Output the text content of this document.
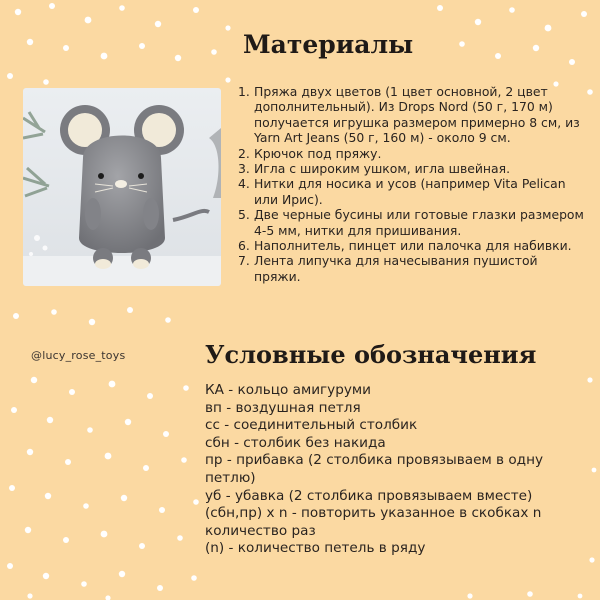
@lucy_rose_toys
Материалы
1. Пряжа двух цветов (1 цвет основной, 2 цвет дополнительный). Из Drops Nord (50 г, 170 м) получается игрушка размером примерно 8 см, из Yarn Art Jeans (50 г, 160 м) - около 9 см.
2. Крючок под пряжу.
3. Игла с широким ушком, игла швейная.
4. Нитки для носика и усов (например Vita Pelican или Ирис).
5. Две черные бусины или готовые глазки размером 4-5 мм, нитки для пришивания.
6. Наполнитель, пинцет или палочка для набивки.
7. Лента липучка для начесывания пушистой пряжи.
Условные обозначения
КА - кольцо амигуруми
вп - воздушная петля
сс - соединительный столбик
сбн - столбик без накида
пр - прибавка (2 столбика провязываем в одну петлю)
уб - убавка (2 столбика провязываем вместе)
(сбн,пр) х n - повторить указанное в скобках n количество раз
(n) - количество петель в ряду
